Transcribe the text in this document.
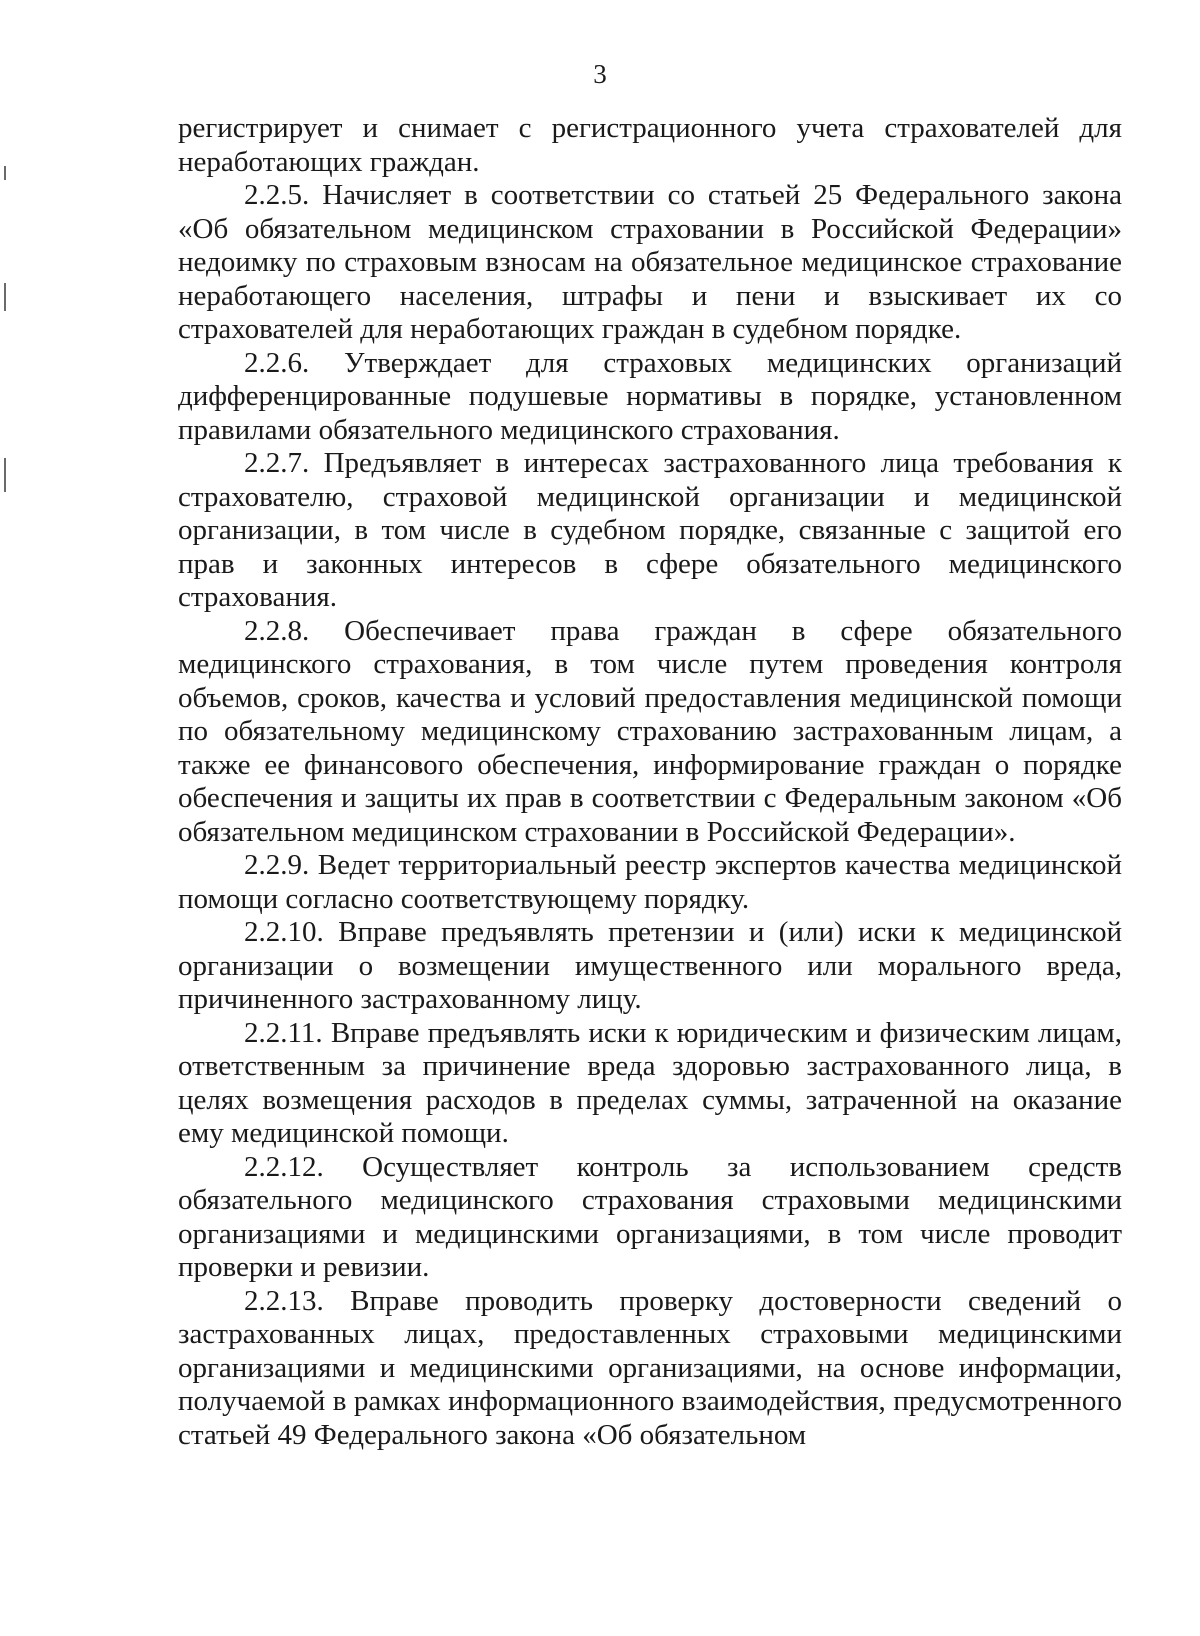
3

регистрирует и снимает с регистрационного учета страхователей для неработающих граждан.

2.2.5. Начисляет в соответствии со статьей 25 Федерального закона «Об обязательном медицинском страховании в Российской Федерации» недоимку по страховым взносам на обязательное медицинское страхование неработающего населения, штрафы и пени и взыскивает их со страхователей для неработающих граждан в судебном порядке.

2.2.6. Утверждает для страховых медицинских организаций дифференцированные подушевые нормативы в порядке, установленном правилами обязательного медицинского страхования.

2.2.7. Предъявляет в интересах застрахованного лица требования к страхователю, страховой медицинской организации и медицинской организации, в том числе в судебном порядке, связанные с защитой его прав и законных интересов в сфере обязательного медицинского страхования.

2.2.8. Обеспечивает права граждан в сфере обязательного медицинского страхования, в том числе путем проведения контроля объемов, сроков, качества и условий предоставления медицинской помощи по обязательному медицинскому страхованию застрахованным лицам, а также ее финансового обеспечения, информирование граждан о порядке обеспечения и защиты их прав в соответствии с Федеральным законом «Об обязательном медицинском страховании в Российской Федерации».

2.2.9. Ведет территориальный реестр экспертов качества медицинской помощи согласно соответствующему порядку.

2.2.10. Вправе предъявлять претензии и (или) иски к медицинской организации о возмещении имущественного или морального вреда, причиненного застрахованному лицу.

2.2.11. Вправе предъявлять иски к юридическим и физическим лицам, ответственным за причинение вреда здоровью застрахованного лица, в целях возмещения расходов в пределах суммы, затраченной на оказание ему медицинской помощи.

2.2.12. Осуществляет контроль за использованием средств обязательного медицинского страхования страховыми медицинскими организациями и медицинскими организациями, в том числе проводит проверки и ревизии.

2.2.13. Вправе проводить проверку достоверности сведений о застрахованных лицах, предоставленных страховыми медицинскими организациями и медицинскими организациями, на основе информации, получаемой в рамках информационного взаимодействия, предусмотренного статьей 49 Федерального закона «Об обязательном
